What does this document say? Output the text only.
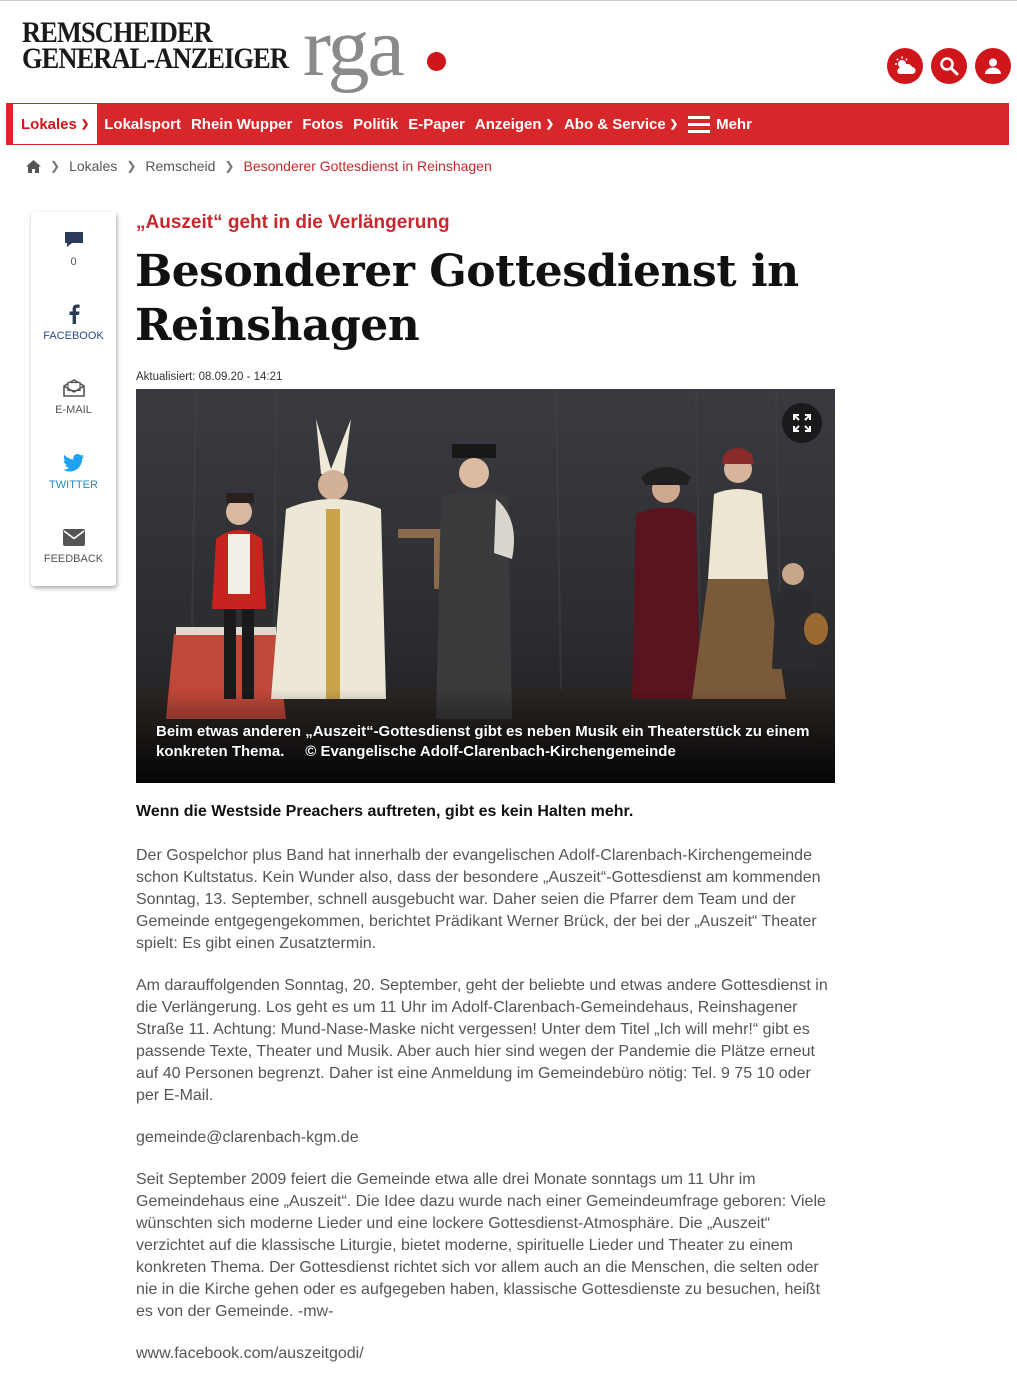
REMSCHEIDER
GENERAL-ANZEIGER rga
Lokales ❯ Lokalsport Rhein Wupper Fotos Politik E-Paper Anzeigen ❯ Abo & Service ❯	Mehr
❯ Lokales ❯ Remscheid ❯ Besonderer Gottesdienst in Reinshagen
0
FACEBOOK
E-MAIL
TWITTER
FEEDBACK
„Auszeit“ geht in die Verlängerung
Besonderer Gottesdienst in Reinshagen
Aktualisiert: 08.09.20 - 14:21
Beim etwas anderen „Auszeit“-Gottesdienst gibt es neben Musik ein Theaterstück zu einem konkreten Thema. © Evangelische Adolf-Clarenbach-Kirchengemeinde
Wenn die Westside Preachers auftreten, gibt es kein Halten mehr.

Der Gospelchor plus Band hat innerhalb der evangelischen Adolf-Clarenbach-Kirchengemeinde schon Kultstatus. Kein Wunder also, dass der besondere „Auszeit“-Gottesdienst am kommenden Sonntag, 13. September, schnell ausgebucht war. Daher seien die Pfarrer dem Team und der Gemeinde entgegengekommen, berichtet Prädikant Werner Brück, der bei der „Auszeit“ Theater spielt: Es gibt einen Zusatztermin.

Am darauffolgenden Sonntag, 20. September, geht der beliebte und etwas andere Gottesdienst in die Verlängerung. Los geht es um 11 Uhr im Adolf-Clarenbach-Gemeindehaus, Reinshagener Straße 11. Achtung: Mund-Nase-Maske nicht vergessen! Unter dem Titel „Ich will mehr!“ gibt es passende Texte, Theater und Musik. Aber auch hier sind wegen der Pandemie die Plätze erneut auf 40 Personen begrenzt. Daher ist eine Anmeldung im Gemeindebüro nötig: Tel. 9 75 10 oder per E-Mail.

gemeinde@clarenbach-kgm.de

Seit September 2009 feiert die Gemeinde etwa alle drei Monate sonntags um 11 Uhr im Gemeindehaus eine „Auszeit“. Die Idee dazu wurde nach einer Gemeindeumfrage geboren: Viele wünschten sich moderne Lieder und eine lockere Gottesdienst-Atmosphäre. Die „Auszeit“ verzichtet auf die klassische Liturgie, bietet moderne, spirituelle Lieder und Theater zu einem konkreten Thema. Der Gottesdienst richtet sich vor allem auch an die Menschen, die selten oder nie in die Kirche gehen oder es aufgegeben haben, klassische Gottesdienste zu besuchen, heißt es von der Gemeinde. -mw-

www.facebook.com/auszeitgodi/
